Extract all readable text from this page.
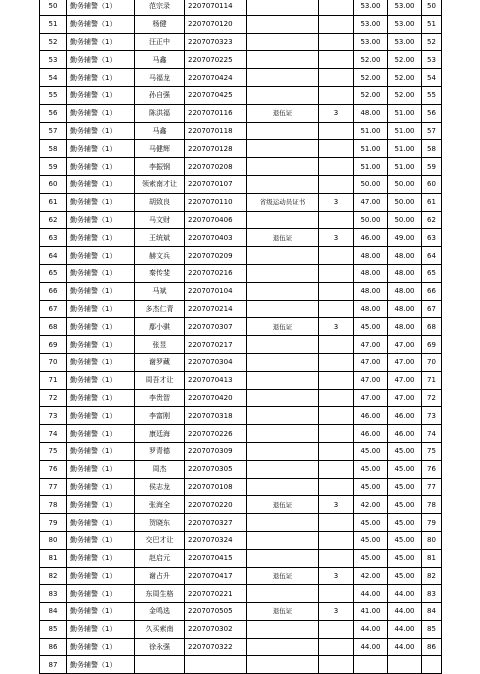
50	勤务辅警（1）	范宗录	2207070114			53.00	53.00	50
51	勤务辅警（1）	杨健	2207070120			53.00	53.00	51
52	勤务辅警（1）	汪正中	2207070323			53.00	53.00	52
53	勤务辅警（1）	马鑫	2207070225			52.00	52.00	53
54	勤务辅警（1）	马福龙	2207070424			52.00	52.00	54
55	勤务辅警（1）	孙自强	2207070425			52.00	52.00	55
56	勤务辅警（1）	陈洪福	2207070116	退伍证	3	48.00	51.00	56
57	勤务辅警（1）	马鑫	2207070118			51.00	51.00	57
58	勤务辅警（1）	马健辉	2207070128			51.00	51.00	58
59	勤务辅警（1）	李振钢	2207070208			51.00	51.00	59
60	勤务辅警（1）	领索南才让	2207070107			50.00	50.00	60
61	勤务辅警（1）	胡致良	2207070110	省级运动员证书	3	47.00	50.00	61
62	勤务辅警（1）	马文财	2207070406			50.00	50.00	62
63	勤务辅警（1）	王统斌	2207070403	退伍证	3	46.00	49.00	63
64	勤务辅警（1）	赫文兵	2207070209			48.00	48.00	64
65	勤务辅警（1）	秦传斐	2207070216			48.00	48.00	65
66	勤务辅警（1）	马斌	2207070104			48.00	48.00	66
67	勤务辅警（1）	多杰仁青	2207070214			48.00	48.00	67
68	勤务辅警（1）	鄢小骐	2207070307	退伍证	3	45.00	48.00	68
69	勤务辅警（1）	张昱	2207070217			47.00	47.00	69
70	勤务辅警（1）	谢罗藏	2207070304			47.00	47.00	70
71	勤务辅警（1）	周吾才让	2207070413			47.00	47.00	71
72	勤务辅警（1）	李贵智	2207070420			47.00	47.00	72
73	勤务辅警（1）	李富刚	2207070318			46.00	46.00	73
74	勤务辅警（1）	康廷海	2207070226			46.00	46.00	74
75	勤务辅警（1）	罗青德	2207070309			45.00	45.00	75
76	勤务辅警（1）	周杰	2207070305			45.00	45.00	76
77	勤务辅警（1）	侯志龙	2207070108			45.00	45.00	77
78	勤务辅警（1）	张海全	2207070220	退伍证	3	42.00	45.00	78
79	勤务辅警（1）	贺晓东	2207070327			45.00	45.00	79
80	勤务辅警（1）	交巴才让	2207070324			45.00	45.00	80
81	勤务辅警（1）	赵启元	2207070415			45.00	45.00	81
82	勤务辅警（1）	谢占升	2207070417	退伍证	3	42.00	45.00	82
83	勤务辅警（1）	东周生格	2207070221			44.00	44.00	83
84	勤务辅警（1）	金鸣选	2207070505	退伍证	3	41.00	44.00	84
85	勤务辅警（1）	久买索南	2207070302			44.00	44.00	85
86	勤务辅警（1）	徐永强	2207070322			44.00	44.00	86
87	勤务辅警（1）							
